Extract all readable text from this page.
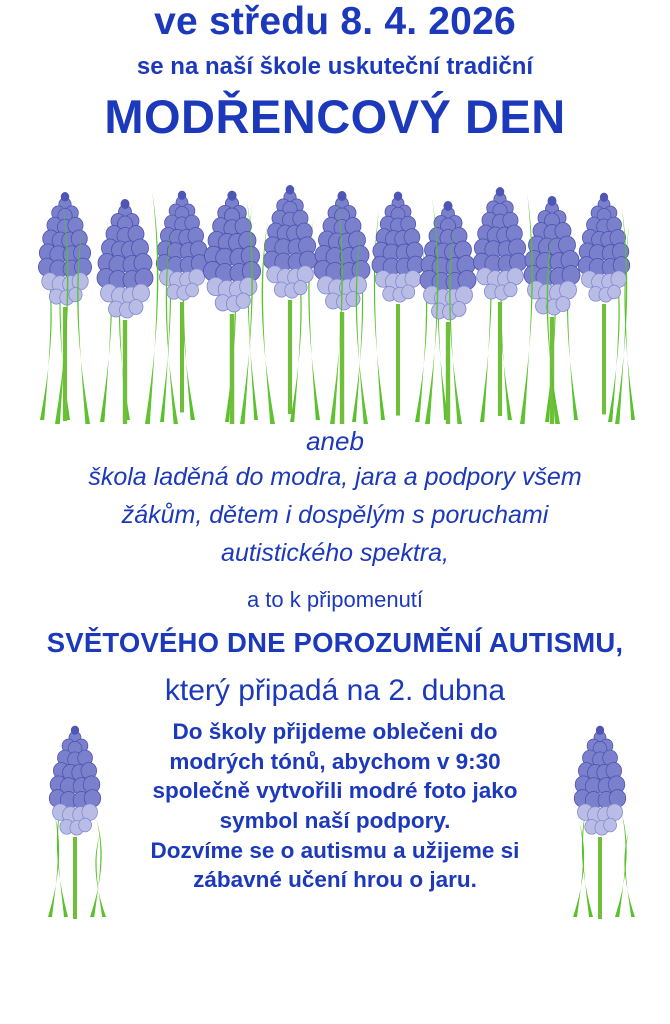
ve středu 8. 4. 2026
se na naší škole uskuteční tradiční
MODŘENCOVÝ DEN
aneb
škola laděná do modra, jara a podpory všem
žákům, dětem i dospělým s poruchami
autistického spektra,
a to k připomenutí
SVĚTOVÉHO DNE POROZUMĚNÍ AUTISMU,
který připadá na 2. dubna
Do školy přijdeme oblečeni do
modrých tónů, abychom v 9:30
společně vytvořili modré foto jako
symbol naší podpory.
Dozvíme se o autismu a užijeme si
zábavné učení hrou o jaru.
